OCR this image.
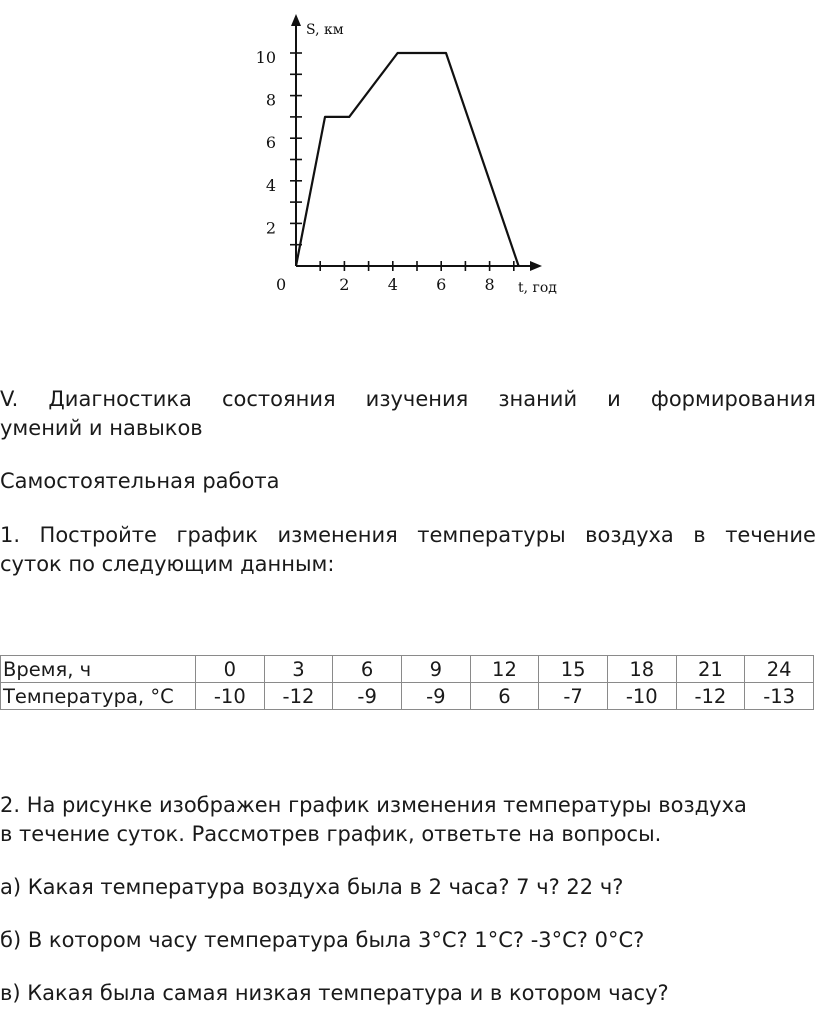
0	2 4 6 8
2
4
6
8
10
S, км
t, год
V. Диагностика состояния изучения знаний и формирования

умений и навыков

Самостоятельная работа

1. Постройте график изменения температуры воздуха в течение

суток по следующим данным:

Время, ч	0	3	6	9	12	15	18	21	24
Температура, °С	-10	-12	-9	-9	6	-7	-10	-12	-13

2. На рисунке изображен график изменения температуры воздуха

в течение суток. Рассмотрев график, ответьте на вопросы.

а) Какая температура воздуха была в 2 часа? 7 ч? 22 ч?

б) В котором часу температура была 3°С? 1°С? -3°С? 0°С?

в) Какая была самая низкая температура и в котором часу?
